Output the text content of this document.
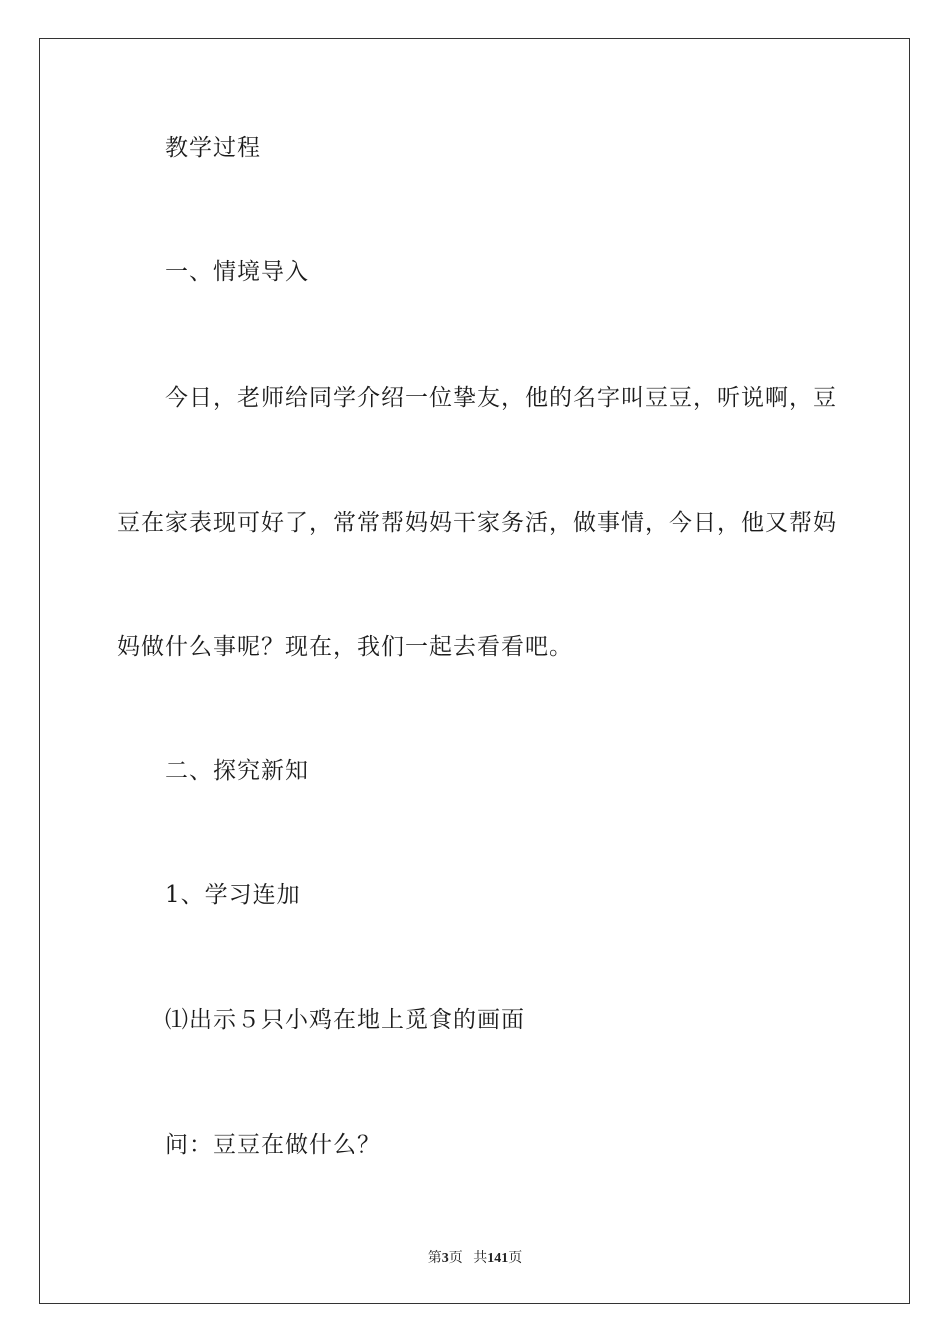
教学过程
一、情境导入
今日，老师给同学介绍一位挚友，他的名字叫豆豆，听说啊，豆
豆在家表现可好了，常常帮妈妈干家务活，做事情，今日，他又帮妈
妈做什么事呢？现在，我们一起去看看吧。
二、探究新知
1、学习连加
⑴出示５只小鸡在地上觅食的画面
问：豆豆在做什么？
第3页 共141页
